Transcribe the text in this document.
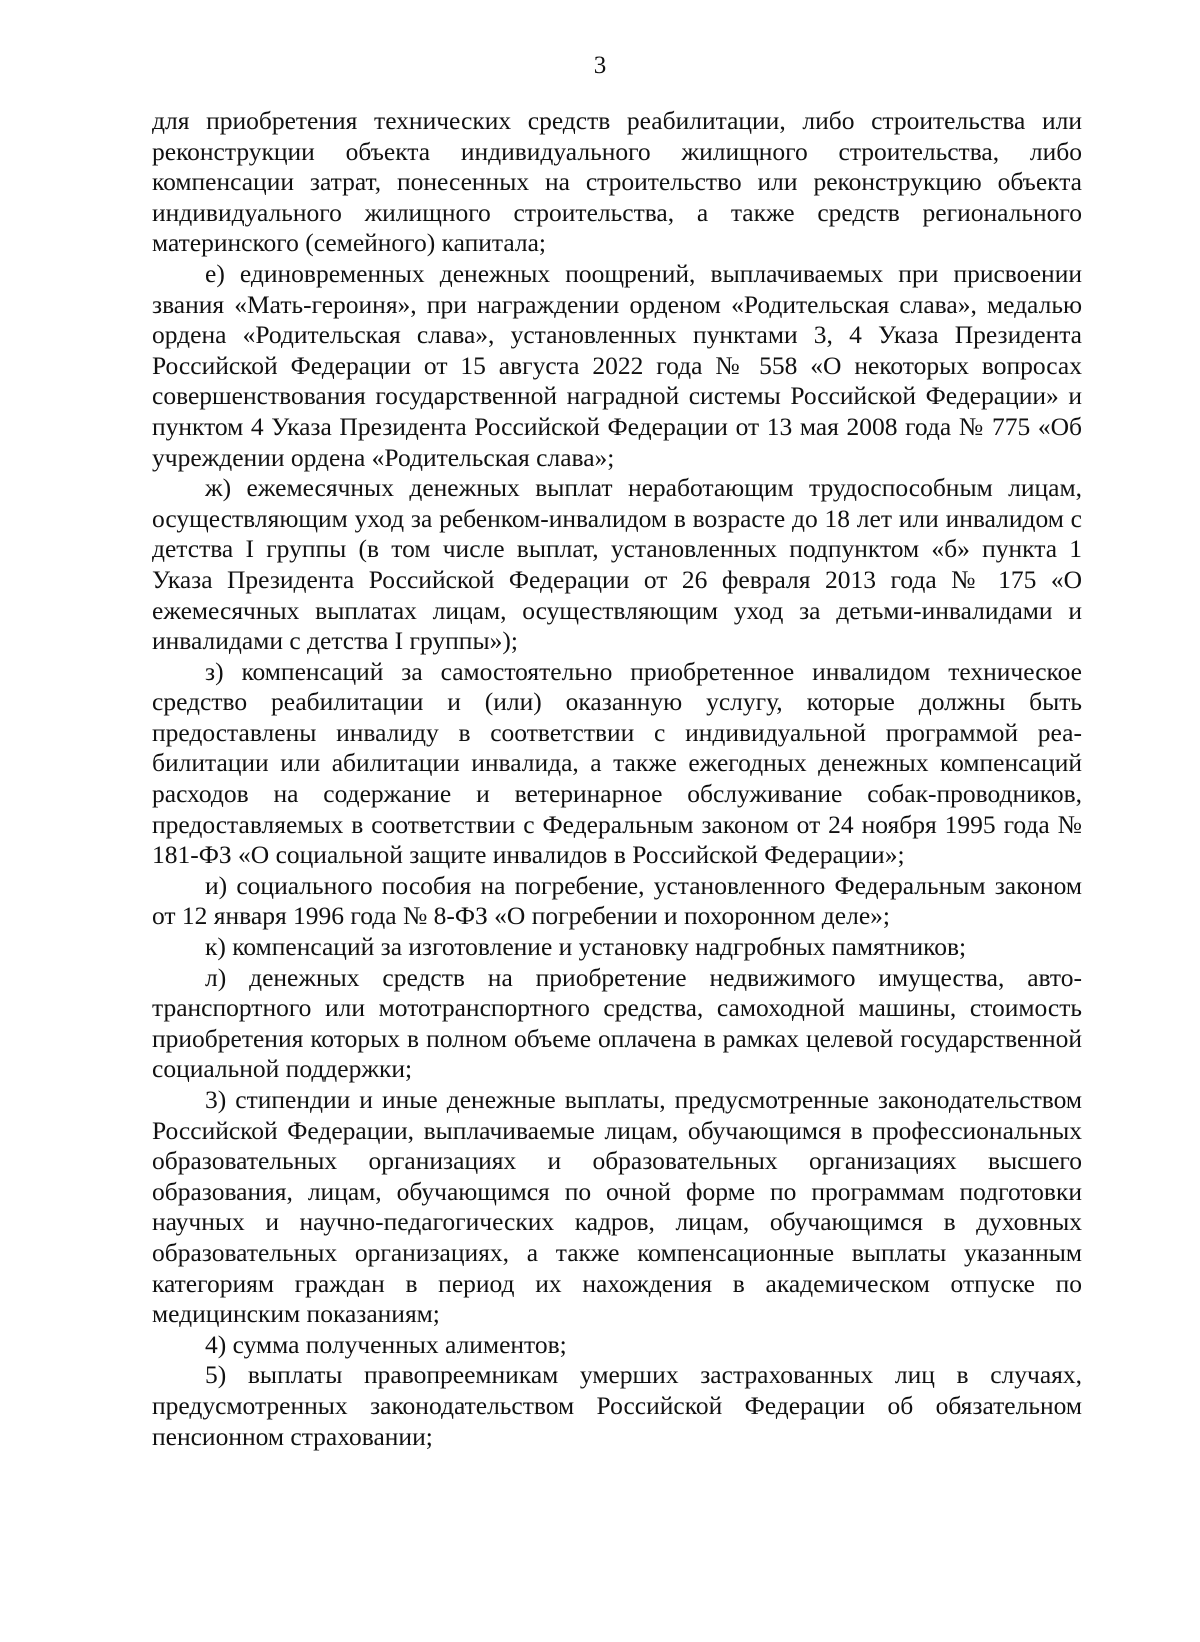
3

для приобретения технических средств реабилитации, либо строительства или реконструкции объекта индивидуального жилищного строительства, либо компенсации затрат, понесенных на строительство или реконструкцию объекта индивидуального жилищного строительства, а также средств регионального материнского (семейного) капитала;

е) единовременных денежных поощрений, выплачиваемых при присвоении звания «Мать-героиня», при награждении орденом «Родительская слава», медалью ордена «Родительская слава», установленных пунктами 3, 4 Указа Президента Российской Федерации от 15 августа 2022 года № 558 «О некоторых вопросах совершенствования государственной наградной системы Российской Федерации» и пунктом 4 Указа Президента Российской Федерации от 13 мая 2008 года № 775 «Об учреждении ордена «Родительская слава»;

ж) ежемесячных денежных выплат неработающим трудоспособным лицам, осуществляющим уход за ребенком-инвалидом в возрасте до 18 лет или инвалидом с детства I группы (в том числе выплат, установленных подпунктом «б» пункта 1 Указа Президента Российской Федерации от 26 февраля 2013 года № 175 «О ежемесячных выплатах лицам, осуществляющим уход за детьми-инвалидами и инвалидами с детства I группы»);

з) компенсаций за самостоятельно приобретенное инвалидом техническое средство реабилитации и (или) оказанную услугу, которые должны быть предоставлены инвалиду в соответствии с индивидуальной программой реабилитации или абилитации инвалида, а также ежегодных денежных компенсаций расходов на содержание и ветеринарное обслуживание собак-проводников, предоставляемых в соответствии с Федеральным законом от 24 ноября 1995 года № 181-ФЗ «О социальной защите инвалидов в Российской Федерации»;

и) социального пособия на погребение, установленного Федеральным законом от 12 января 1996 года № 8-ФЗ «О погребении и похоронном деле»;

к) компенсаций за изготовление и установку надгробных памятников;

л) денежных средств на приобретение недвижимого имущества, автотранспортного или мототранспортного средства, самоходной машины, стоимость приобретения которых в полном объеме оплачена в рамках целевой государственной социальной поддержки;

3) стипендии и иные денежные выплаты, предусмотренные законодательством Российской Федерации, выплачиваемые лицам, обучающимся в профессиональных образовательных организациях и образовательных организациях высшего образования, лицам, обучающимся по очной форме по программам подготовки научных и научно-педагогических кадров, лицам, обучающимся в духовных образовательных организациях, а также компенсационные выплаты указанным категориям граждан в период их нахождения в академическом отпуске по медицинским показаниям;

4) сумма полученных алиментов;

5) выплаты правопреемникам умерших застрахованных лиц в случаях, предусмотренных законодательством Российской Федерации об обязательном пенсионном страховании;
